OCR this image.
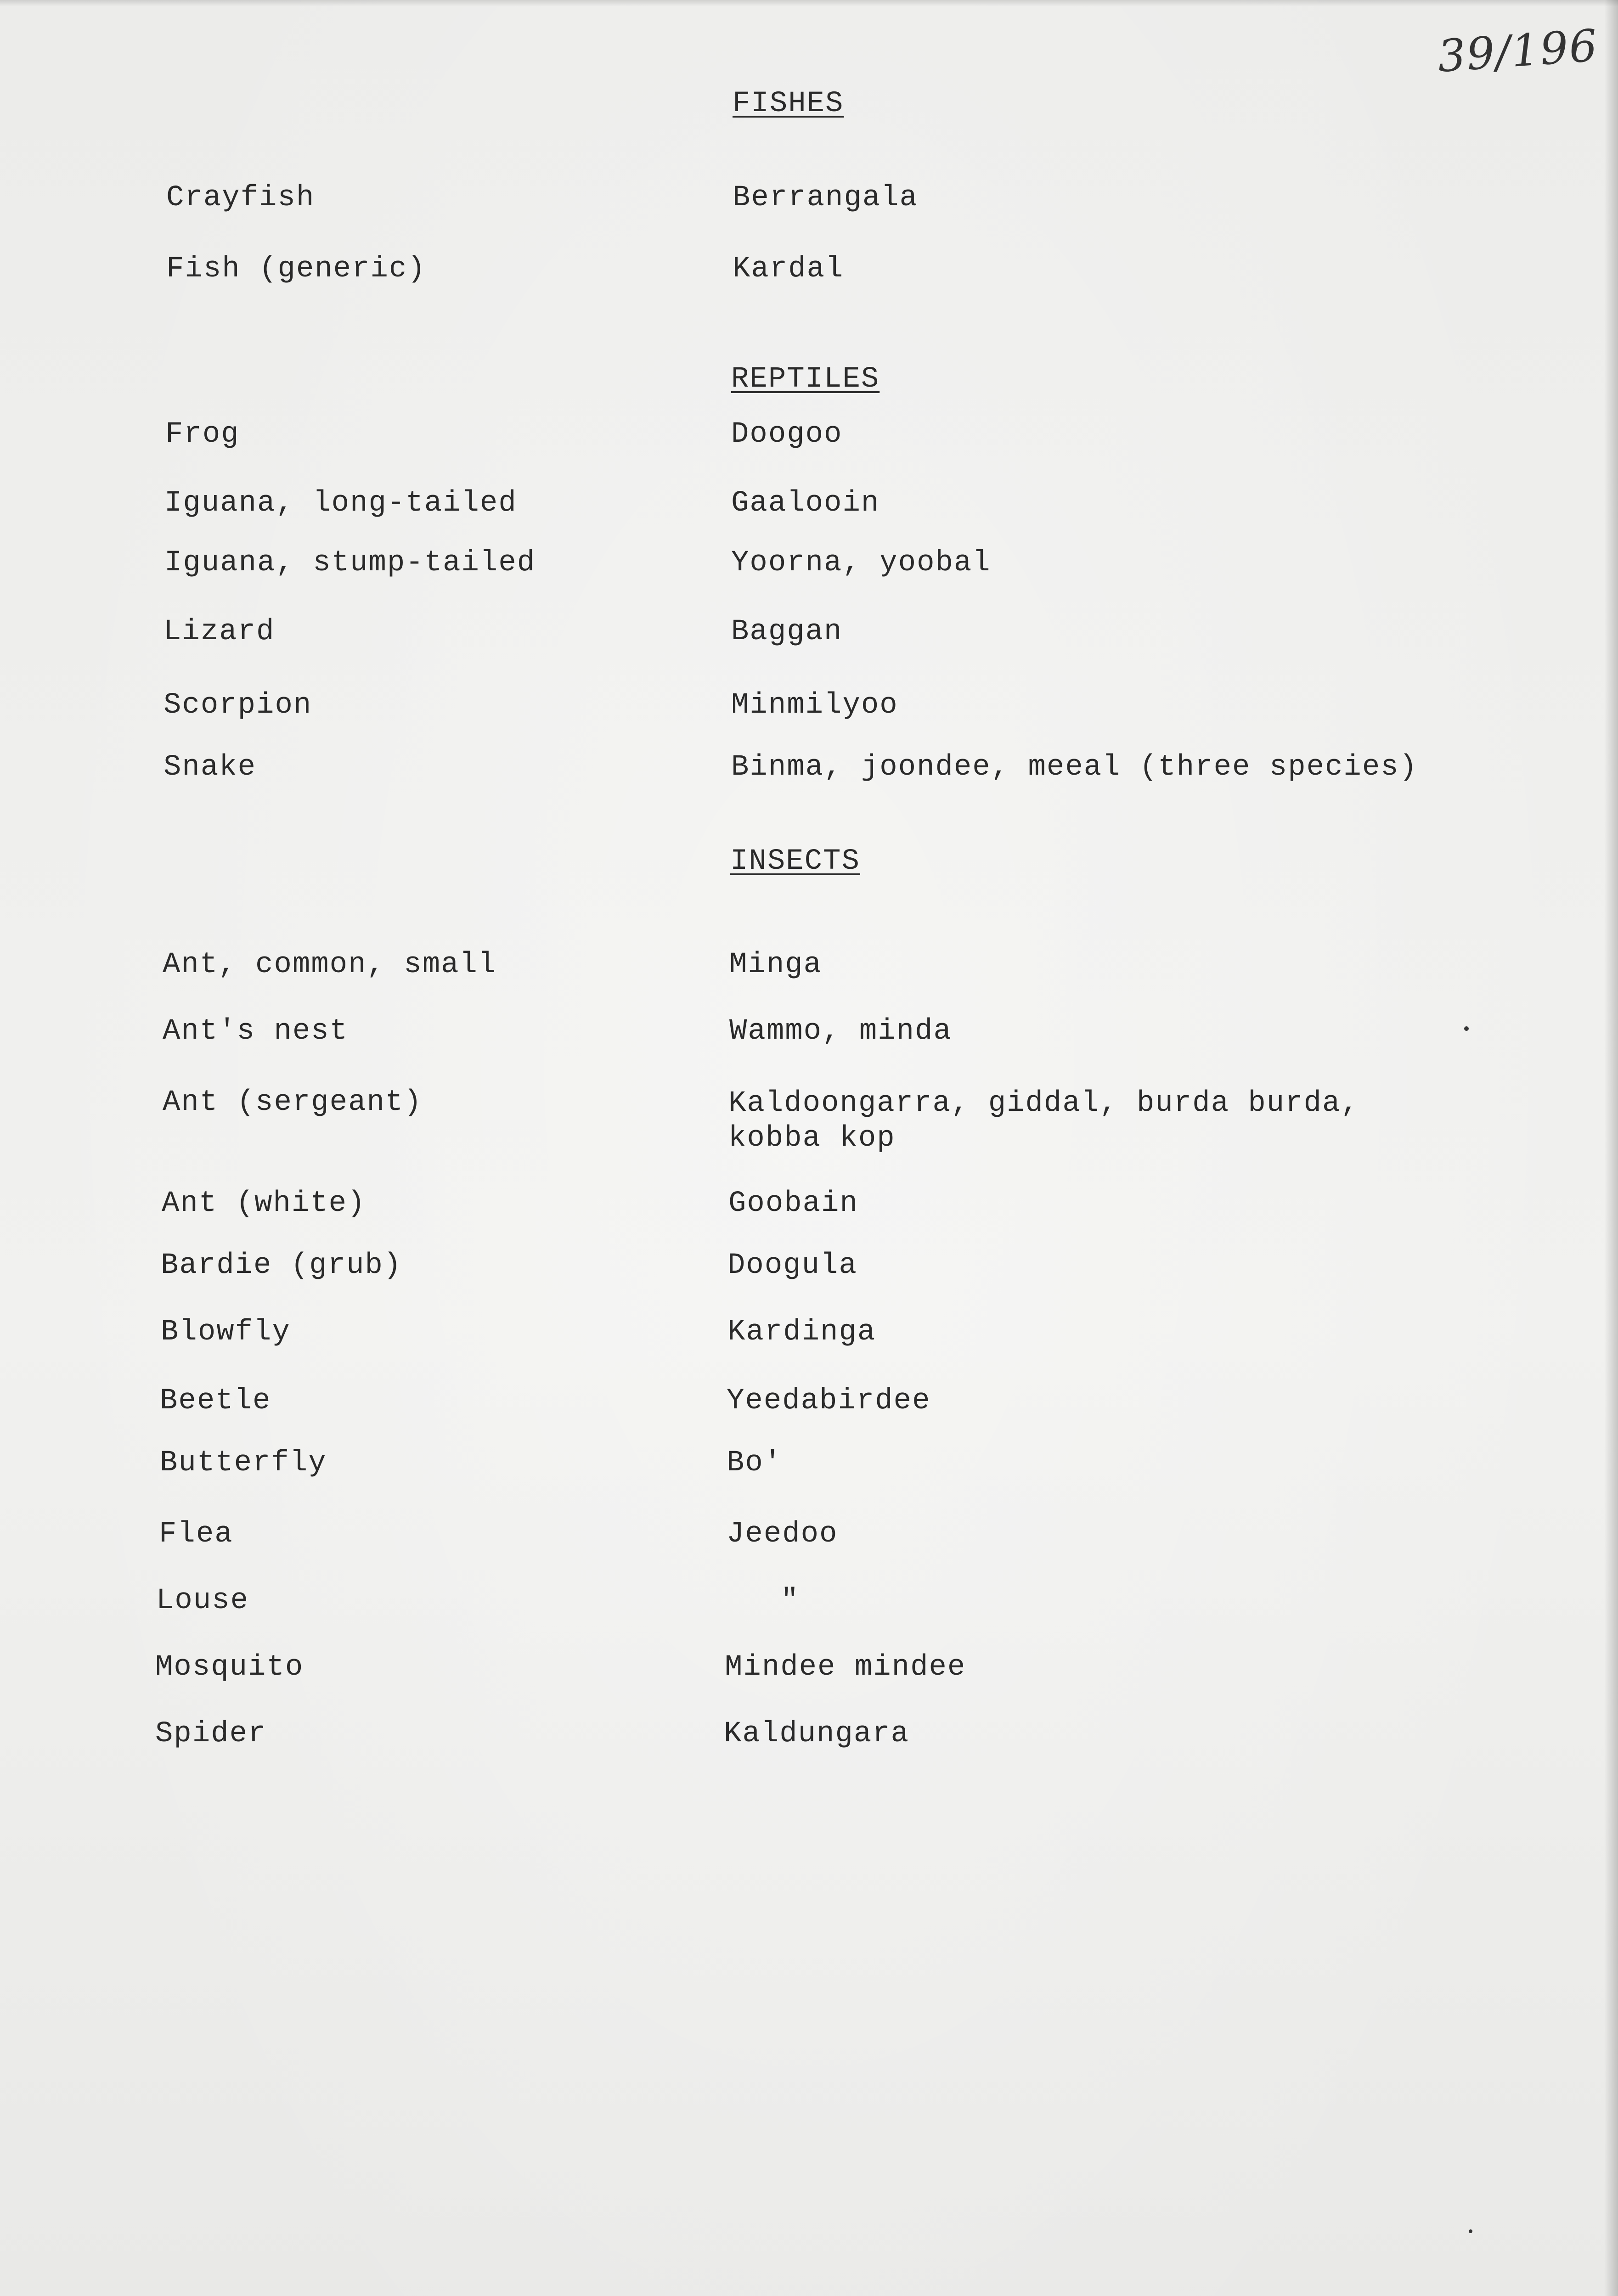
39/196
FISHES
Crayfish	Berrangala
Fish (generic)	Kardal
REPTILES
Frog	Doogoo
Iguana, long-tailed	Gaalooin
Iguana, stump-tailed	Yoorna, yoobal
Lizard	Baggan
Scorpion	Minmilyoo
Snake	Binma, joondee, meeal (three species)
INSECTS
Ant, common, small	Minga
Ant's nest	Wammo, minda
Ant (sergeant)	Kaldoongarra, giddal, burda burda,
kobba kop
Ant (white)	Goobain
Bardie (grub)	Doogula
Blowfly	Kardinga
Beetle	Yeedabirdee
Butterfly	Bo'
Flea	Jeedoo
Louse	"
Mosquito	Mindee mindee
Spider	Kaldungara
